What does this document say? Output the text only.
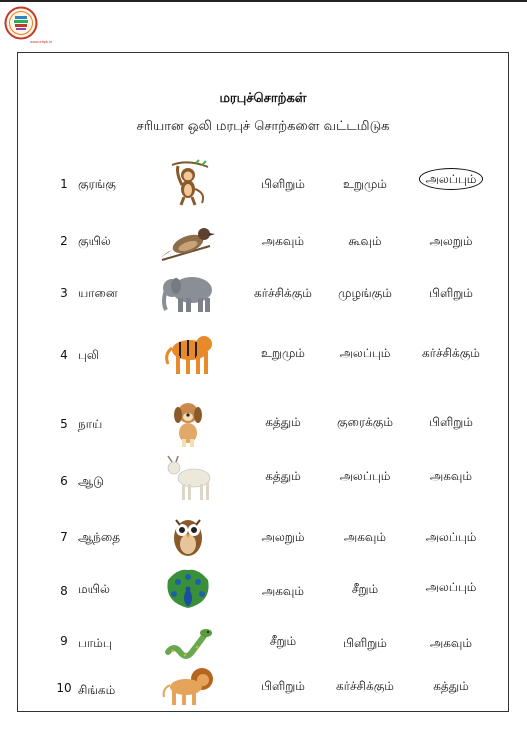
www.etipk.in
மரபுச்சொற்கள்
சரியான ஒலி மரபுச் சொற்களை வட்டமிடுக
1 குரங்கு	பிளிறும்	உறுமும்	அலப்பும்
2 குயில்	அகவும்	கூவும்	அலறும்
3 யானை	கர்ச்சிக்கும்	முழங்கும்	பிளிறும்
4 புலி	உறுமும்	அலப்பும்	கர்ச்சிக்கும்
5 நாய்	கத்தும்	குரைக்கும்	பிளிறும்
6 ஆடு	கத்தும்	அலப்பும்	அகவும்
7 ஆந்தை	அலறும்	அகவும்	அலப்பும்
8 மயில்	அகவும்	சீறும்	அலப்பும்
9 பாம்பு	சீறும்	பிளிறும்	அகவும்
10 சிங்கம்	பிளிறும்	கர்ச்சிக்கும்	கத்தும்
